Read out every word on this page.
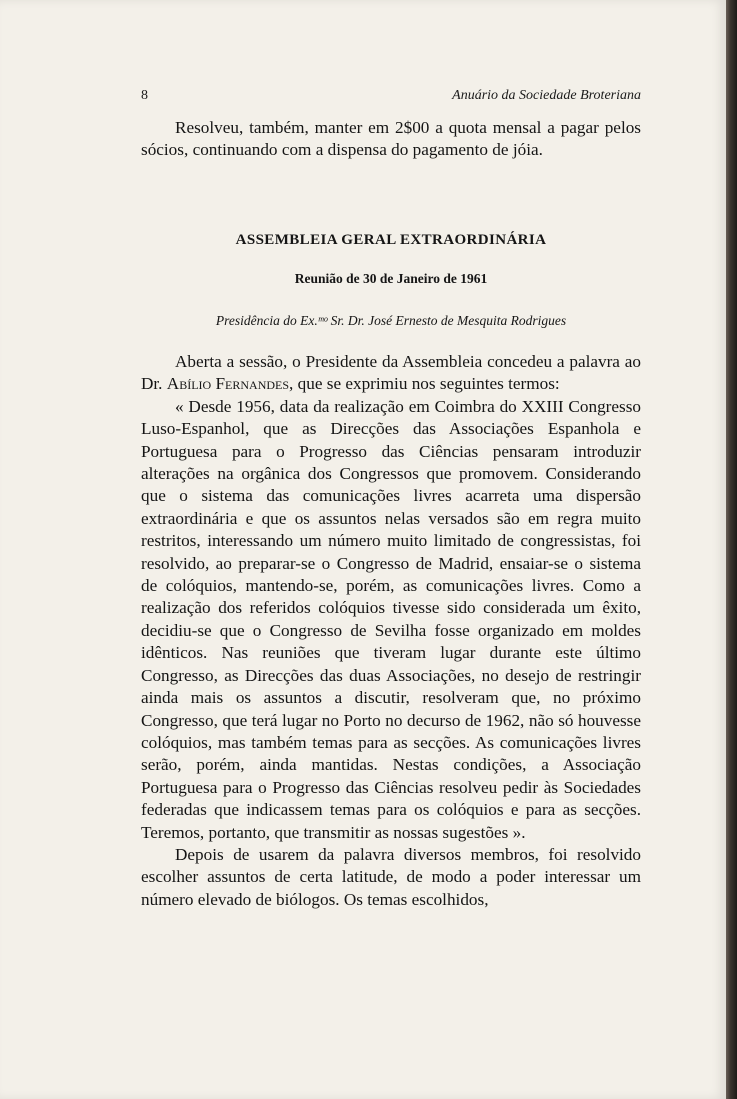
8	Anuário da Sociedade Broteriana

Resolveu, também, manter em 2$00 a quota mensal a pagar pelos sócios, continuando com a dispensa do pagamento de jóia.

ASSEMBLEIA GERAL EXTRAORDINÁRIA
Reunião de 30 de Janeiro de 1961
Presidência do Ex.ᵐᵒ Sr. Dr. José Ernesto de Mesquita Rodrigues

Aberta a sessão, o Presidente da Assembleia concedeu a palavra ao Dr. Abílio Fernandes, que se exprimiu nos seguintes termos:

« Desde 1956, data da realização em Coimbra do XXIII Congresso Luso-Espanhol, que as Direcções das Associações Espanhola e Portuguesa para o Progresso das Ciências pensaram introduzir alterações na orgânica dos Congressos que promovem. Considerando que o sistema das comunicações livres acarreta uma dispersão extraordinária e que os assuntos nelas versados são em regra muito restritos, interessando um número muito limitado de congressistas, foi resolvido, ao preparar-se o Congresso de Madrid, ensaiar-se o sistema de colóquios, mantendo-se, porém, as comunicações livres. Como a realização dos referidos colóquios tivesse sido considerada um êxito, decidiu-se que o Congresso de Sevilha fosse organizado em moldes idênticos. Nas reuniões que tiveram lugar durante este último Congresso, as Direcções das duas Associações, no desejo de restringir ainda mais os assuntos a discutir, resolveram que, no próximo Congresso, que terá lugar no Porto no decurso de 1962, não só houvesse colóquios, mas também temas para as secções. As comunicações livres serão, porém, ainda mantidas. Nestas condições, a Associação Portuguesa para o Progresso das Ciências resolveu pedir às Sociedades federadas que indicassem temas para os colóquios e para as secções. Teremos, portanto, que transmitir as nossas sugestões ».

Depois de usarem da palavra diversos membros, foi resolvido escolher assuntos de certa latitude, de modo a poder interessar um número elevado de biólogos. Os temas escolhidos,
